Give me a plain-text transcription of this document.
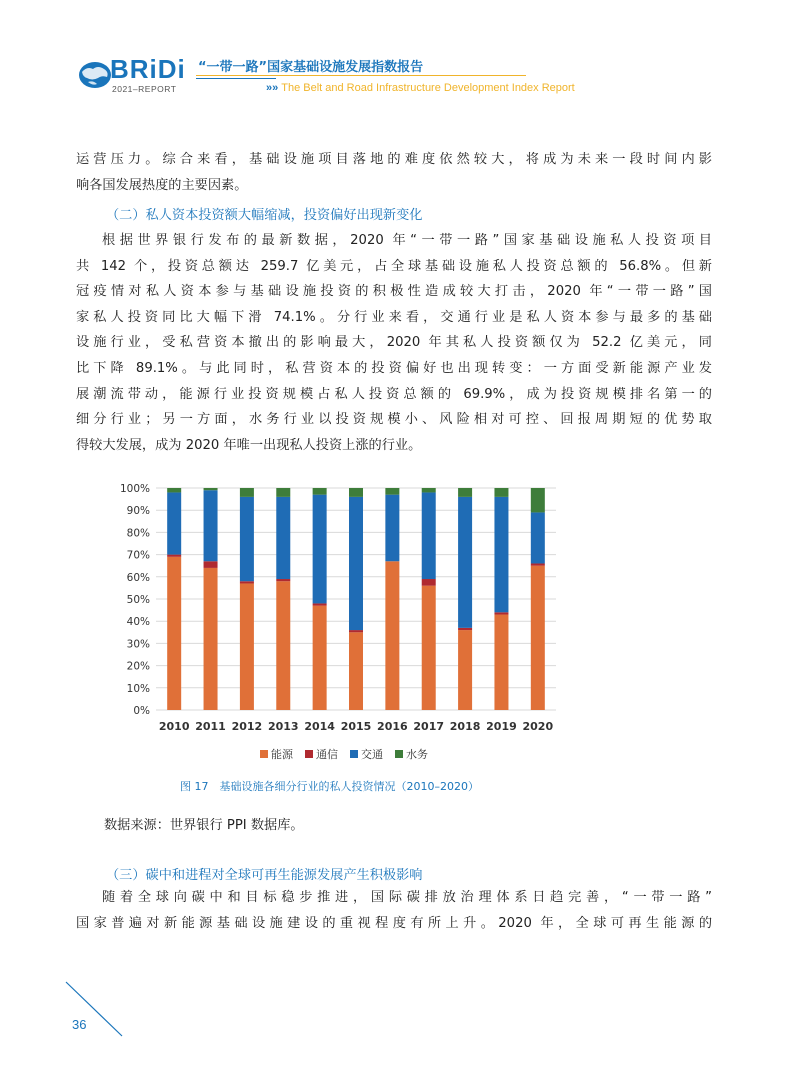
BRiDi
2021–REPORT
“一带一路”国家基础设施发展指数报告
»» The Belt and Road Infrastructure Development Index Report
运营压力。综合来看，基础设施项目落地的难度依然较大，将成为未来一段时间内影
响各国发展热度的主要因素。
（二）私人资本投资额大幅缩减，投资偏好出现新变化
根据世界银行发布的最新数据，2020 年“一带一路”国家基础设施私人投资项目
共 142 个，投资总额达 259.7 亿美元，占全球基础设施私人投资总额的 56.8%。但新
冠疫情对私人资本参与基础设施投资的积极性造成较大打击，2020 年“一带一路”国
家私人投资同比大幅下滑 74.1%。分行业来看，交通行业是私人资本参与最多的基础
设施行业，受私营资本撤出的影响最大，2020 年其私人投资额仅为 52.2 亿美元，同
比下降 89.1%。与此同时，私营资本的投资偏好也出现转变：一方面受新能源产业发
展潮流带动，能源行业投资规模占私人投资总额的 69.9%，成为投资规模排名第一的
细分行业；另一方面，水务行业以投资规模小、风险相对可控、回报周期短的优势取
得较大发展，成为 2020 年唯一出现私人投资上涨的行业。
0%
10%
20%
30%
40%
50%
60%
70%
80%
90%
100%
2010 2011 2012 2013 2014 2015 2016 2017 2018 2019 2020
能源 通信 交通 水务
图 17　基础设施各细分行业的私人投资情况（2010–2020）
数据来源：世界银行 PPI 数据库。
（三）碳中和进程对全球可再生能源发展产生积极影响
随着全球向碳中和目标稳步推进，国际碳排放治理体系日趋完善，“一带一路”
国家普遍对新能源基础设施建设的重视程度有所上升。2020 年，全球可再生能源的
36
